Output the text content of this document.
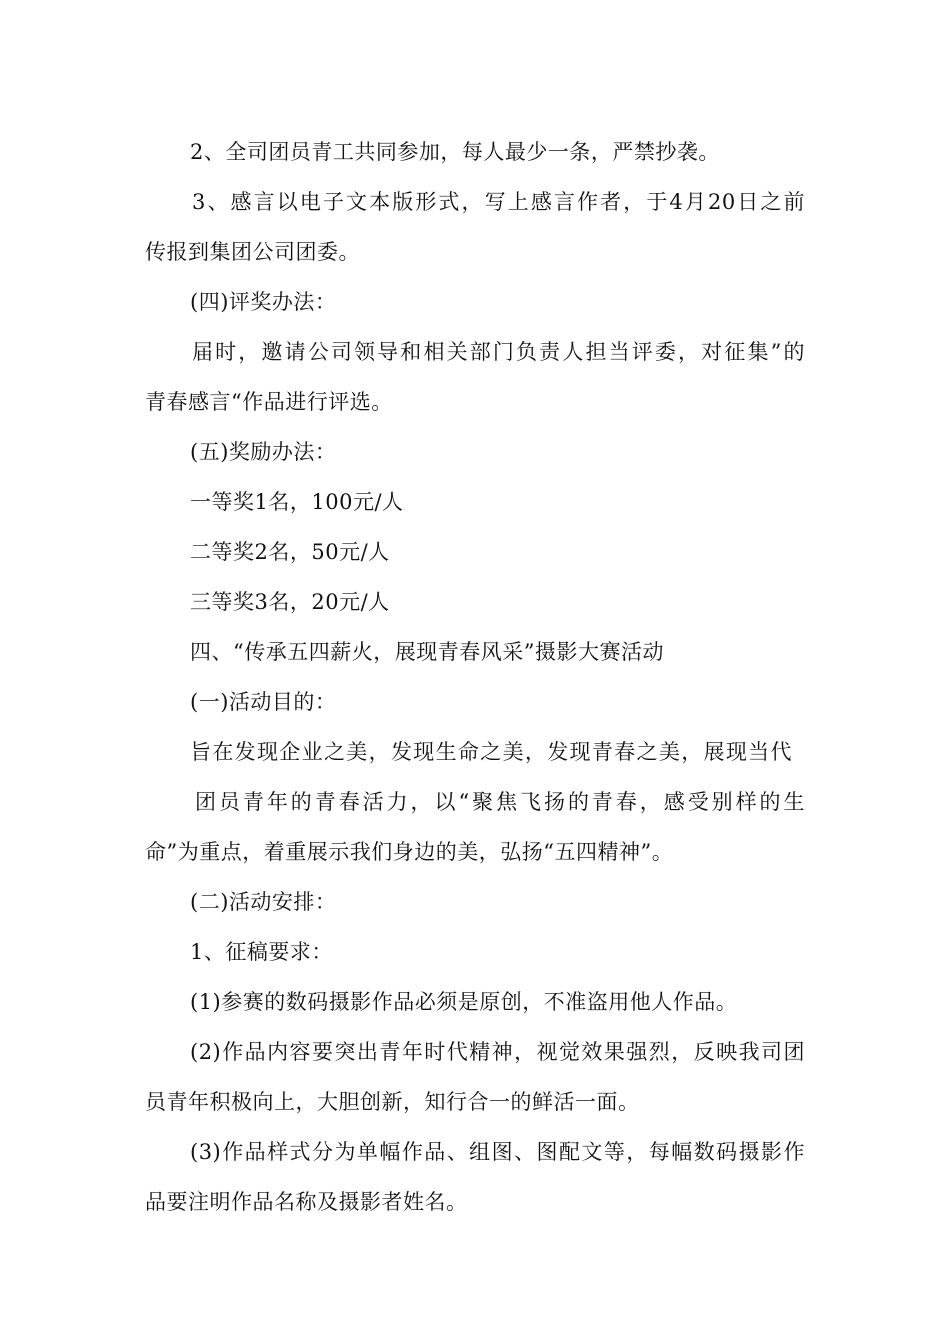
2、全司团员青工共同参加，每人最少一条，严禁抄袭。
3、感言以电子文本版形式，写上感言作者，于4月20日之前
传报到集团公司团委。
(四)评奖办法：
届时，邀请公司领导和相关部门负责人担当评委，对征集”的
青春感言“作品进行评选。
(五)奖励办法：
一等奖1名，100元/人
二等奖2名，50元/人
三等奖3名，20元/人
四、“传承五四薪火，展现青春风采”摄影大赛活动
(一)活动目的：
旨在发现企业之美，发现生命之美，发现青春之美，展现当代
团员青年的青春活力，以“聚焦飞扬的青春，感受别样的生
命”为重点，着重展示我们身边的美，弘扬“五四精神”。
(二)活动安排：
1、征稿要求：
(1)参赛的数码摄影作品必须是原创，不准盗用他人作品。
(2)作品内容要突出青年时代精神，视觉效果强烈，反映我司团
员青年积极向上，大胆创新，知行合一的鲜活一面。
(3)作品样式分为单幅作品、组图、图配文等，每幅数码摄影作
品要注明作品名称及摄影者姓名。
